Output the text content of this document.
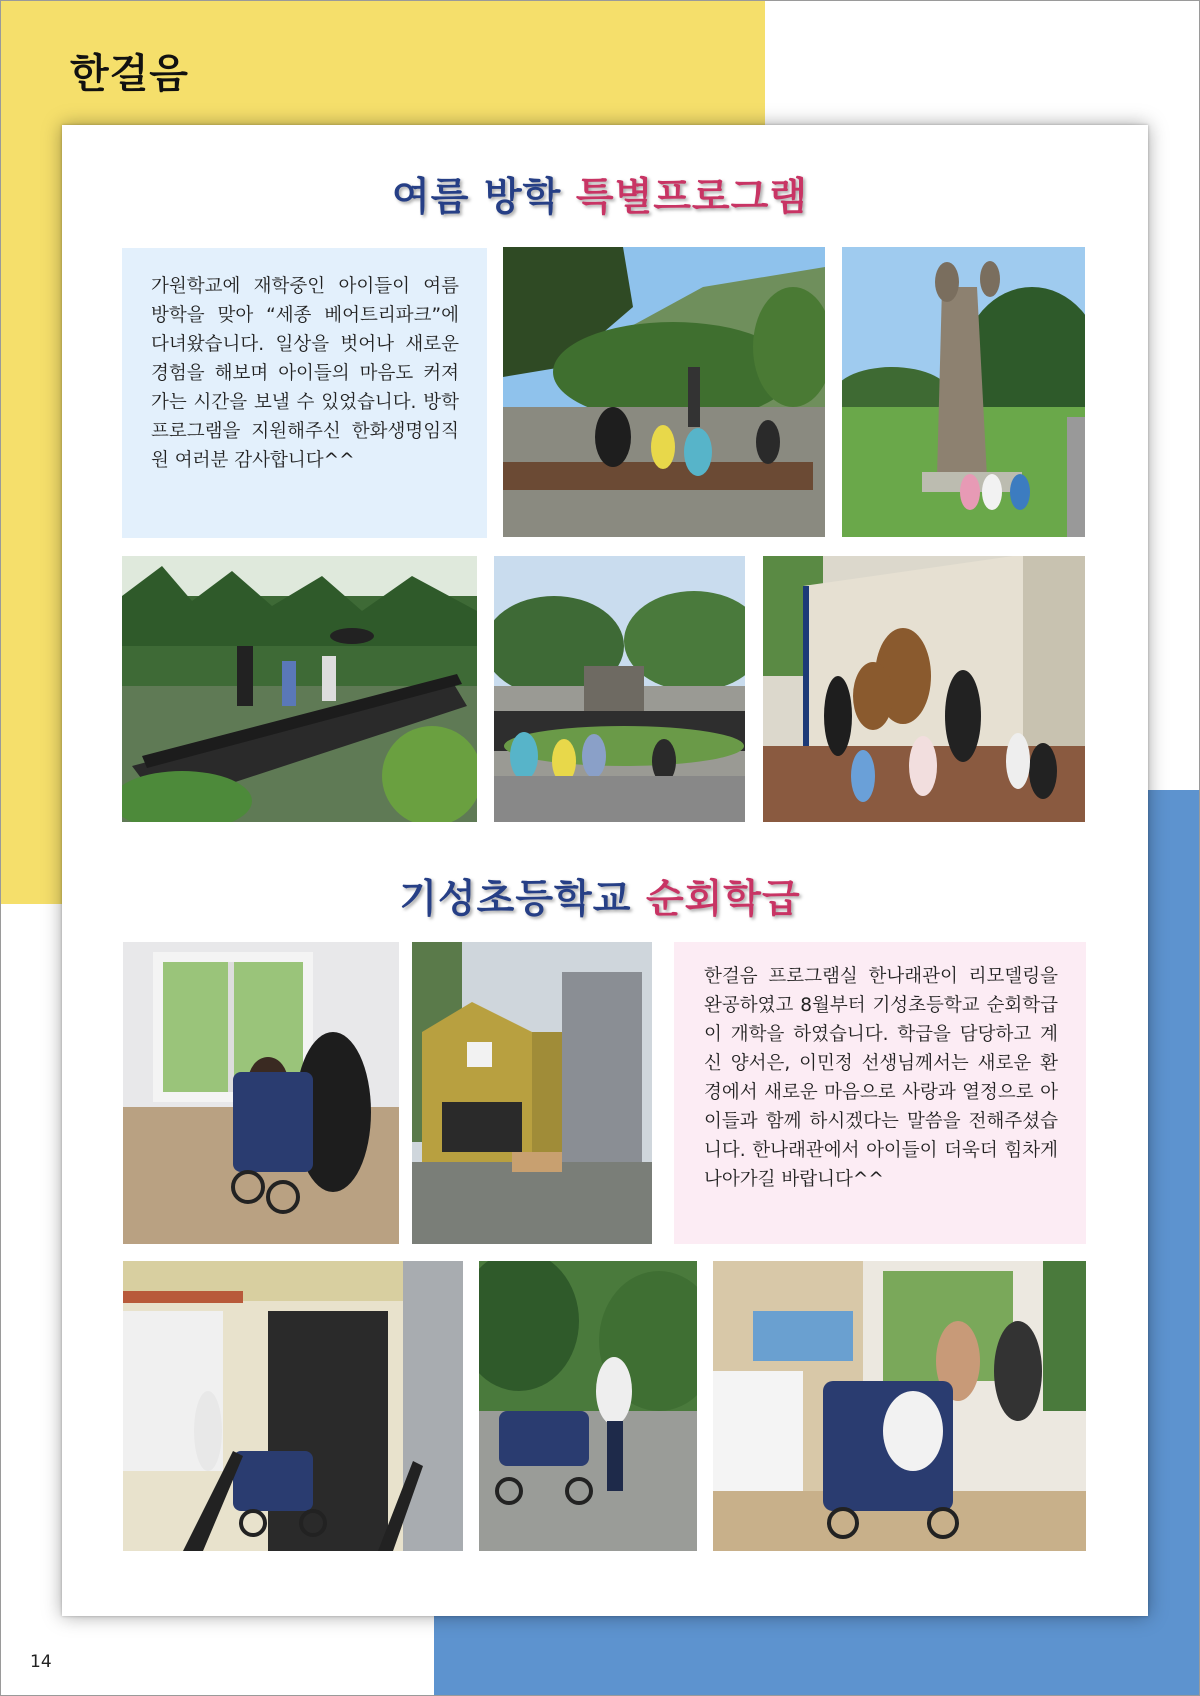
한걸음
여름 방학 특별프로그램
가원학교에 재학중인 아이들이 여름 방학을 맞아 “세종 베어트리파크”에 다녀왔습니다. 일상을 벗어나 새로운 경험을 해보며 아이들의 마음도 커져가는 시간을 보낼 수 있었습니다. 방학 프로그램을 지원해주신 한화생명임직원 여러분 감사합니다^^
기성초등학교 순회학급
한걸음 프로그램실 한나래관이 리모델링을 완공하였고 8월부터 기성초등학교 순회학급이 개학을 하였습니다. 학급을 담당하고 계신 양서은, 이민정 선생님께서는 새로운 환경에서 새로운 마음으로 사랑과 열정으로 아이들과 함께 하시겠다는 말씀을 전해주셨습니다. 한나래관에서 아이들이 더욱더 힘차게 나아가길 바랍니다^^
14
